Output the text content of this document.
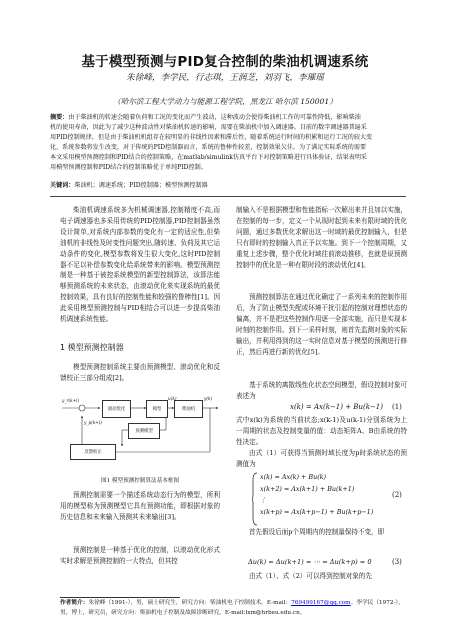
基于模型预测与PID复合控制的柴油机调速系统
朱徐峰，李学民，行志琪，王润芝，刘羽飞，李璀瑶
（哈尔滨工程大学动力与能源工程学院，黑龙江 哈尔滨 150001）
摘要：由于柴油机的转速会随着负荷和工况的变化而产生波动，这种波动会使得柴油机工作的可靠性降低，影响柴油
机的使用寿命，因此为了减少这种波动性对柴油机转速的影响，需要在柴油机中加入调速器。目前的数字调速器普遍采
用PID控制规律，但是由于柴油机机组存在较明显的非线性因素和滞后性，随着系统运行时间的积累和运行工况的较大变
化，系统参数将发生改变，对于传统的PID控制器而言，系统的鲁棒性较差，控制效果欠佳。为了满足实际系统的需要
本文采用模型预测控制和PID结合的控制策略，在matlab/simulink仿真平台下对控制策略进行具体验证，结果表明采
用模型预测控制和PID结合的控制策略优于单纯PID控制。
关键词：柴油机；调速系统；PID控制器；模型预测控制器
柴油机调速系统多为机械调速器,控制精度不高,而电子调速器也多采用传统的PID控制器,PID控制器虽然设计简单,对系统内部参数的变化有一定的适应性,但柴油机的非线性及时变性问题突出,随转速、负荷及其它运动条件的变化,模型参数将发生很大变化,这时PID控制器不足以补偿参数变化给系统带来的影响。模型预测控制是一种基于被控系统模型的新型控制算法，该算法能够预测系统的未来状态，由滚动优化来实现系统的最优控制效果，具有良好的控制性能和较强的鲁棒性[1]。因此采用模型预测控制与PID相结合可以进一步提高柴油机调速系统性能。
1 模型预测控制器
模型预测控制系统主要由预测模型、滚动优化和反馈校正三部分组成[2]。
滚动优化	模型	柴油机
预测模型
反馈校正
y_r(k+i)
y_p(k+i)
u(k)	y(k)
图1 模型预测控制算法基本框图
预测控制需要一个描述系统动态行为的模型，所利用的模型称为预测模型它具有预测功能，即根据对象的历史信息和未来输入预测其未来输出[3]。
预测控制是一种基于优化的控制，以滚动优化形式实时求解是预测控制的一大特点，但其控
制输入不是根据模型和性能指标一次解出来并且加以实施，在控制的每一步，定义一个从现时起到未来有限时域的优化问题，通过多数优化求解出这一时域的最优控制输入，但是只有即时的控制输入真正予以实施。到下一个控制周期，又重复上述步骤，整个优化时域往前滚动推移，也就是说预测控制中的优化是一种有限时段的滚动优化[4]。
预测控制算法在通过优化确定了一系列未来的控制作用后，为了防止模型失配或环境干扰引起的控制对理想状态的偏离，并不是把这些控制作用逐一全部实施，而只是实现本时刻的控制作用。到下一采样时刻，则首先监测对象的实际输出，并利用得到的这一实时信息对基于模型的预测进行修正，然后再进行新的优化[5]。
基于系统的离散线性化状态空间模型，假设控制对象可表述为
x(k) = Ax(k−1) + Bu(k−1) (1)
式中x(k)为系统的当前状态;x(k-1)及u(k-1)分别系统为上一周期的状态及控制变量的值：动态矩阵A、B由系统的特性决定。
由式（1）可获得当预测时域长度为p时系统状态的预测值为
x(k) = Ax(k) + Bu(k)
x(k+2) = Ax(k+1) + Bu(k+1)
⋮
x(k+p) = Ax(k+p−1) + Bu(k+p−1)
(2)
首先假设后面p个周期内的控制量保持不变，即
Δu(k) = Δu(k+1) = ⋯ = Δu(k+p) = 0	(3)
由式（1）、式（2）可以得到控制对象的先
作者简介：朱徐峰（1991-），男，硕士研究生，研究方向：柴油机电子控制技术。E-mail：769499167@qq.com。李学民（1972-），男，博士，研究员，研究方向：柴油机电子控制及故障诊断研究。E-mail:lxm@hrbeu.edu.cn。
